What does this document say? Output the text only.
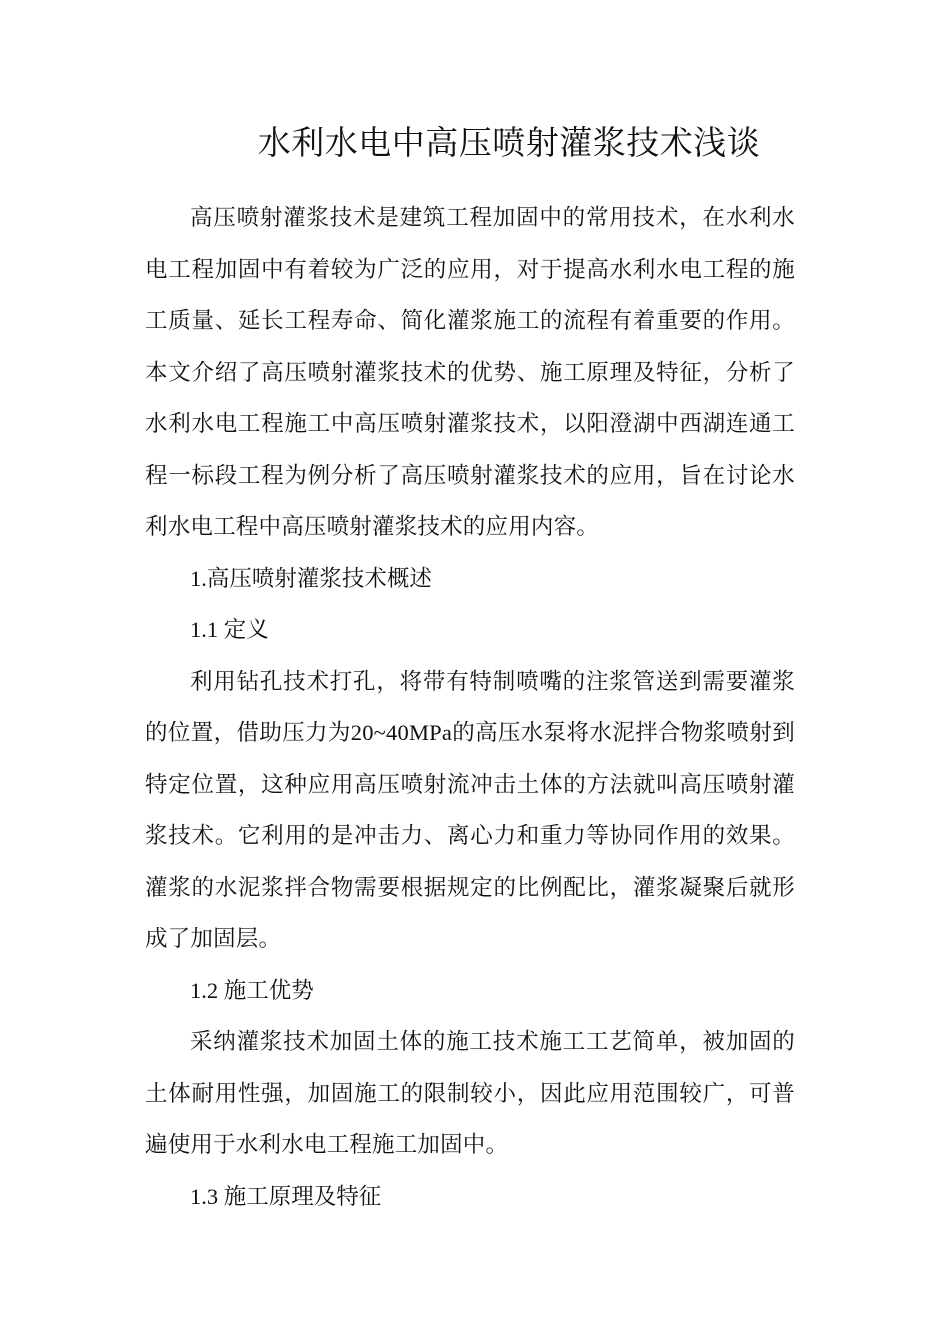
水利水电中高压喷射灌浆技术浅谈

高压喷射灌浆技术是建筑工程加固中的常用技术，在水利水电工程加固中有着较为广泛的应用，对于提高水利水电工程的施工质量、延长工程寿命、简化灌浆施工的流程有着重要的作用。本文介绍了高压喷射灌浆技术的优势、施工原理及特征，分析了水利水电工程施工中高压喷射灌浆技术，以阳澄湖中西湖连通工程一标段工程为例分析了高压喷射灌浆技术的应用，旨在讨论水利水电工程中高压喷射灌浆技术的应用内容。

1.高压喷射灌浆技术概述

1.1 定义

利用钻孔技术打孔，将带有特制喷嘴的注浆管送到需要灌浆的位置，借助压力为20~40MPa的高压水泵将水泥拌合物浆喷射到特定位置，这种应用高压喷射流冲击土体的方法就叫高压喷射灌浆技术。它利用的是冲击力、离心力和重力等协同作用的效果。灌浆的水泥浆拌合物需要根据规定的比例配比，灌浆凝聚后就形成了加固层。

1.2 施工优势

采纳灌浆技术加固土体的施工技术施工工艺简单，被加固的土体耐用性强，加固施工的限制较小，因此应用范围较广，可普遍使用于水利水电工程施工加固中。

1.3 施工原理及特征
